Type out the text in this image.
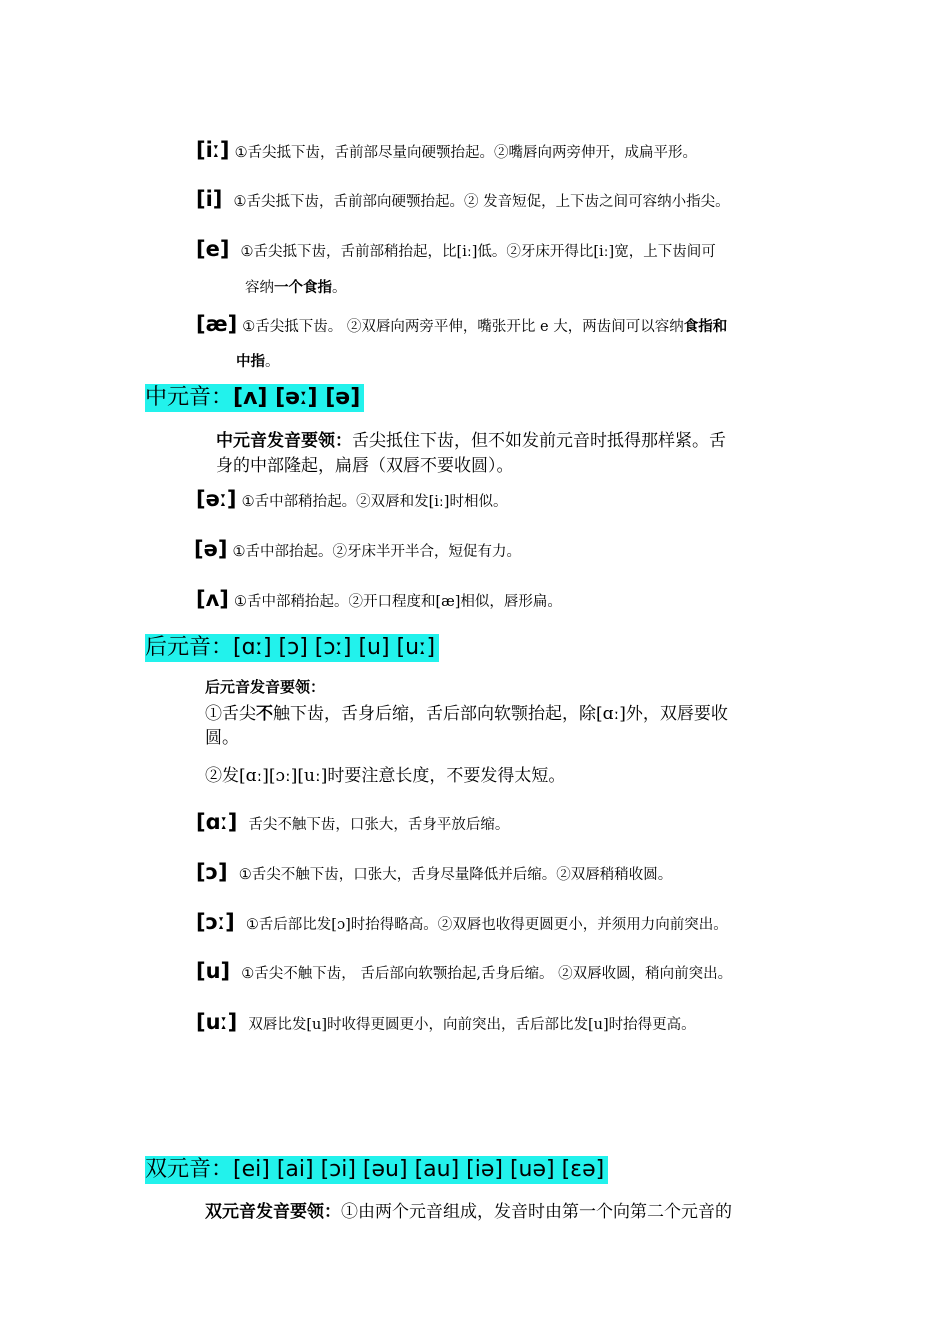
[iː] ①舌尖抵下齿，舌前部尽量向硬颚抬起。②嘴唇向两旁伸开，成扁平形。
[i] ①舌尖抵下齿，舌前部向硬颚抬起。② 发音短促，上下齿之间可容纳小指尖。
[e] ①舌尖抵下齿，舌前部稍抬起，比[iː]低。②牙床开得比[iː]宽，上下齿间可
容纳一个食指。
[æ] ①舌尖抵下齿。 ②双唇向两旁平伸，嘴张开比 e 大，两齿间可以容纳食指和
中指。
中元音：[ʌ] [əː] [ə]
中元音发音要领：舌尖抵住下齿，但不如发前元音时抵得那样紧。舌
身的中部隆起，扁唇（双唇不要收圆）。
[əː] ①舌中部稍抬起。②双唇和发[iː]时相似。
[ə] ①舌中部抬起。②牙床半开半合，短促有力。
[ʌ] ①舌中部稍抬起。②开口程度和[æ]相似，唇形扁。
后元音：[ɑː] [ɔ] [ɔː] [u] [uː]
后元音发音要领：
①舌尖不触下齿，舌身后缩，舌后部向软颚抬起，除[ɑː]外，双唇要收
圆。
②发[ɑː][ɔː][uː]时要注意长度，不要发得太短。
[ɑː] 舌尖不触下齿，口张大，舌身平放后缩。
[ɔ] ①舌尖不触下齿，口张大，舌身尽量降低并后缩。②双唇稍稍收圆。
[ɔː] ①舌后部比发[ɔ]时抬得略高。②双唇也收得更圆更小，并须用力向前突出。
[u] ①舌尖不触下齿， 舌后部向软颚抬起,舌身后缩。 ②双唇收圆，稍向前突出。
[uː] 双唇比发[u]时收得更圆更小，向前突出，舌后部比发[u]时抬得更高。
双元音：[ei] [ai] [ɔi] [əu] [au] [iə] [uə] [ɛə]
双元音发音要领：①由两个元音组成，发音时由第一个向第二个元音的
